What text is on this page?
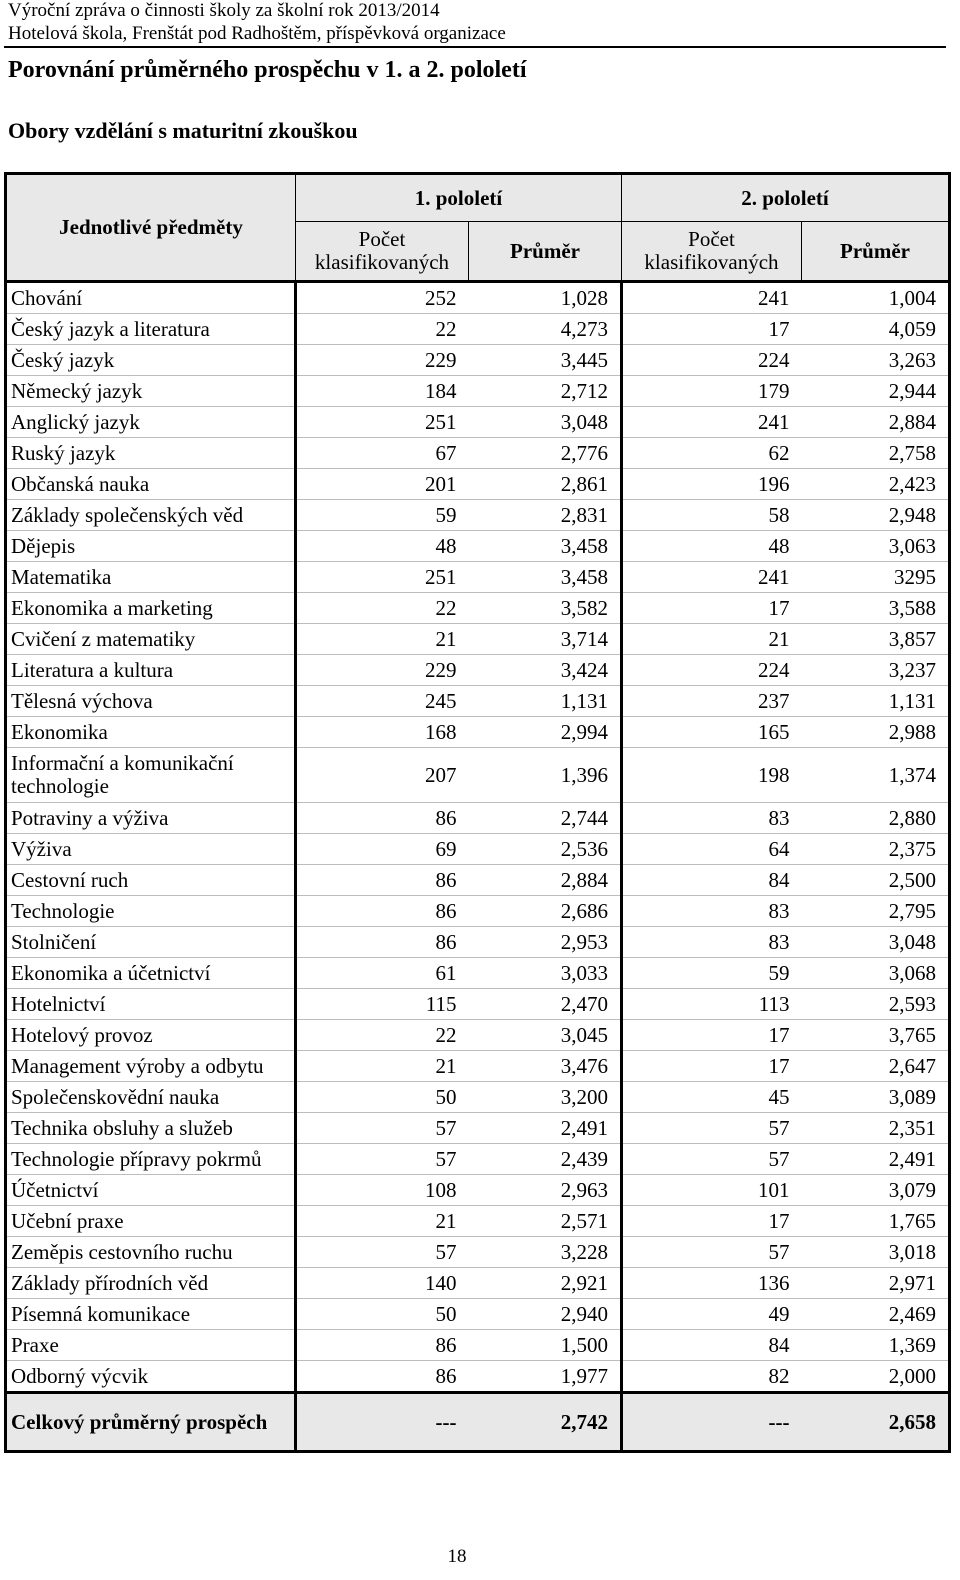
Výroční zpráva o činnosti školy za školní rok 2013/2014
Hotelová škola, Frenštát pod Radhoštěm, příspěvková organizace
Porovnání průměrného prospěchu v 1. a 2. pololetí
Obory vzdělání s maturitní zkouškou
Jednotlivé předměty	1. pololetí		2. pololetí	
	Počet klasifikovaných	Průměr	Počet klasifikovaných	Průměr
Chování	252	1,028	241	1,004
Český jazyk a literatura	22	4,273	17	4,059
Český jazyk	229	3,445	224	3,263
Německý jazyk	184	2,712	179	2,944
Anglický jazyk	251	3,048	241	2,884
Ruský jazyk	67	2,776	62	2,758
Občanská nauka	201	2,861	196	2,423
Základy společenských věd	59	2,831	58	2,948
Dějepis	48	3,458	48	3,063
Matematika	251	3,458	241	3295
Ekonomika a marketing	22	3,582	17	3,588
Cvičení z matematiky	21	3,714	21	3,857
Literatura a kultura	229	3,424	224	3,237
Tělesná výchova	245	1,131	237	1,131
Ekonomika	168	2,994	165	2,988
Informační a komunikační technologie	207	1,396	198	1,374
Potraviny a výživa	86	2,744	83	2,880
Výživa	69	2,536	64	2,375
Cestovní ruch	86	2,884	84	2,500
Technologie	86	2,686	83	2,795
Stolničení	86	2,953	83	3,048
Ekonomika a účetnictví	61	3,033	59	3,068
Hotelnictví	115	2,470	113	2,593
Hotelový provoz	22	3,045	17	3,765
Management výroby a odbytu	21	3,476	17	2,647
Společenskovědní nauka	50	3,200	45	3,089
Technika obsluhy a služeb	57	2,491	57	2,351
Technologie přípravy pokrmů	57	2,439	57	2,491
Účetnictví	108	2,963	101	3,079
Učební praxe	21	2,571	17	1,765
Zeměpis cestovního ruchu	57	3,228	57	3,018
Základy přírodních věd	140	2,921	136	2,971
Písemná komunikace	50	2,940	49	2,469
Praxe	86	1,500	84	1,369
Odborný výcvik	86	1,977	82	2,000
Celkový průměrný prospěch	---	2,742	---	2,658
18
